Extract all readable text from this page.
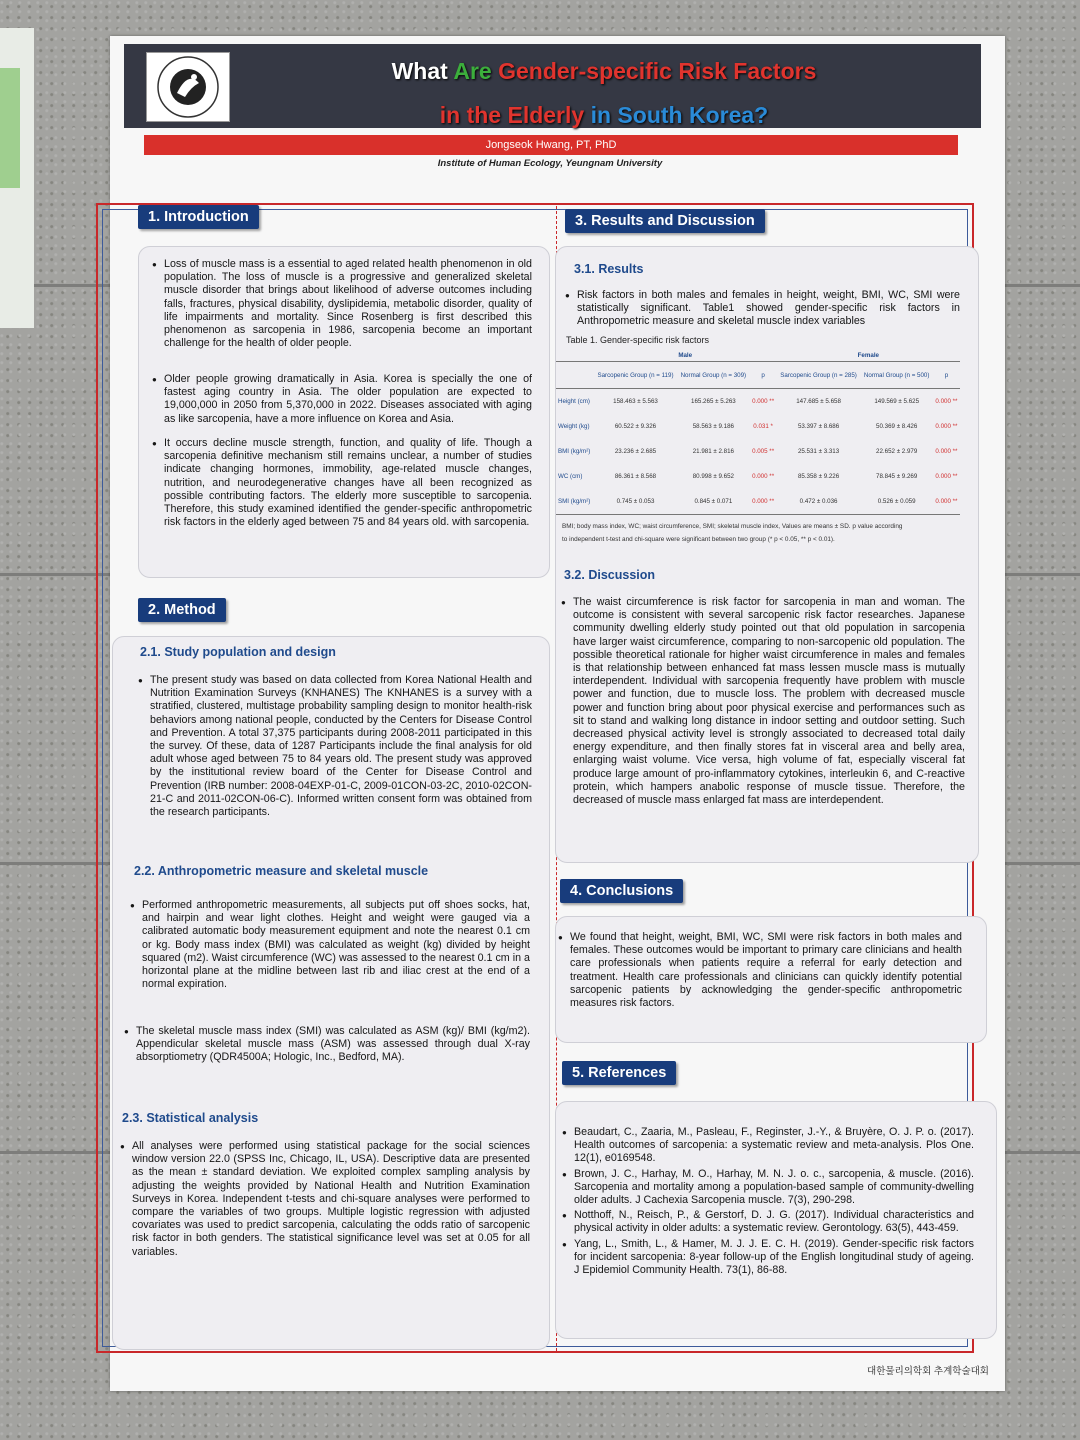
What Are Gender-specific Risk Factors
in the Elderly in South Korea?
Jongseok Hwang, PT, PhD
Institute of Human Ecology, Yeungnam University
1. Introduction
● Loss of muscle mass is a essential to aged related health phenomenon in old population. The loss of muscle is a progressive and generalized skeletal muscle disorder that brings about likelihood of adverse outcomes including falls, fractures, physical disability, dyslipidemia, metabolic disorder, quality of life impairments and mortality. Since Rosenberg is first described this phenomenon as sarcopenia in 1986, sarcopenia become an important challenge for the health of older people.
● Older people growing dramatically in Asia. Korea is specially the one of fastest aging country in Asia. The older population are expected to 19,000,000 in 2050 from 5,370,000 in 2022. Diseases associated with aging as like sarcopenia, have a more influence on Korea and Asia.
● It occurs decline muscle strength, function, and quality of life. Though a sarcopenia definitive mechanism still remains unclear, a number of studies indicate changing hormones, immobility, age-related muscle changes, nutrition, and neurodegenerative changes have all been recognized as possible contributing factors. The elderly more susceptible to sarcopenia. Therefore, this study examined identified the gender-specific anthropometric risk factors in the elderly aged between 75 and 84 years old. with sarcopenia.
2. Method
2.1. Study population and design
● The present study was based on data collected from Korea National Health and Nutrition Examination Surveys (KNHANES) The KNHANES is a survey with a stratified, clustered, multistage probability sampling design to monitor health-risk behaviors among national people, conducted by the Centers for Disease Control and Prevention. A total 37,375 participants during 2008-2011 participated in this the survey. Of these, data of 1287 Participants include the final analysis for old adult whose aged between 75 to 84 years old. The present study was approved by the institutional review board of the Center for Disease Control and Prevention (IRB number: 2008-04EXP-01-C, 2009-01CON-03-2C, 2010-02CON- 21-C and 2011-02CON-06-C). Informed written consent form was obtained from the research participants.
2.2. Anthropometric measure and skeletal muscle
● Performed anthropometric measurements, all subjects put off shoes socks, hat, and hairpin and wear light clothes. Height and weight were gauged via a calibrated automatic body measurement equipment and note the nearest 0.1 cm or kg. Body mass index (BMI) was calculated as weight (kg) divided by height squared (m2). Waist circumference (WC) was assessed to the nearest 0.1 cm in a horizontal plane at the midline between last rib and iliac crest at the end of a normal expiration.
● The skeletal muscle mass index (SMI) was calculated as ASM (kg)/ BMI (kg/m2). Appendicular skeletal muscle mass (ASM) was assessed through dual X-ray absorptiometry (QDR4500A; Hologic, Inc., Bedford, MA).
2.3. Statistical analysis
● All analyses were performed using statistical package for the social sciences window version 22.0 (SPSS Inc, Chicago, IL, USA). Descriptive data are presented as the mean ± standard deviation. We exploited complex sampling analysis by adjusting the weights provided by National Health and Nutrition Examination Surveys in Korea. Independent t-tests and chi-square analyses were performed to compare the variables of two groups. Multiple logistic regression with adjusted covariates was used to predict sarcopenia, calculating the odds ratio of sarcopenic risk factor in both genders. The statistical significance level was set at 0.05 for all variables.
3. Results and Discussion
3.1. Results
● Risk factors in both males and females in height, weight, BMI, WC, SMI were statistically significant. Table1 showed gender-specific risk factors in Anthropometric measure and skeletal muscle index variables
Table 1. Gender-specific risk factors
	Male			Female		
	Sarcopenic Group (n = 119)	Normal Group (n = 309)	p	Sarcopenic Group (n = 285)	Normal Group (n = 500)	p
Height (cm)	158.463 ± 5.563	165.265 ± 5.263	0.000 **	147.685 ± 5.658	149.569 ± 5.625	0.000 **
Weight (kg)	60.522 ± 9.326	58.563 ± 9.186	0.031 *	53.397 ± 8.686	50.369 ± 8.426	0.000 **
BMI (kg/m²)	23.236 ± 2.685	21.981 ± 2.816	0.005 **	25.531 ± 3.313	22.652 ± 2.979	0.000 **
WC (cm)	86.361 ± 8.568	80.998 ± 9.652	0.000 **	85.358 ± 9.226	78.845 ± 9.269	0.000 **
SMI (kg/m²)	0.745 ± 0.053	0.845 ± 0.071	0.000 **	0.472 ± 0.036	0.526 ± 0.059	0.000 **
BMI; body mass index, WC; waist circumference, SMI; skeletal muscle index, Values are means ± SD. p value according
to independent t-test and chi-square were significant between two group (* p < 0.05, ** p < 0.01).
3.2. Discussion
● The waist circumference is risk factor for sarcopenia in man and woman. The outcome is consistent with several sarcopenic risk factor researches. Japanese community dwelling elderly study pointed out that old population in sarcopenia have larger waist circumference, comparing to non-sarcopenic old population. The possible theoretical rationale for higher waist circumference in males and females is that relationship between enhanced fat mass lessen muscle mass is mutually interdependent. Individual with sarcopenia frequently have problem with muscle power and function, due to muscle loss. The problem with decreased muscle power and function bring about poor physical exercise and performances such as sit to stand and walking long distance in indoor setting and outdoor setting. Such decreased physical activity level is strongly associated to decreased total daily energy expenditure, and then finally stores fat in visceral area and belly area, enlarging waist volume. Vice versa, high volume of fat, especially visceral fat produce large amount of pro-inflammatory cytokines, interleukin 6, and C-reactive protein, which hampers anabolic response of muscle tissue. Therefore, the decreased of muscle mass enlarged fat mass are interdependent.
4. Conclusions
● We found that height, weight, BMI, WC, SMI were risk factors in both males and females. These outcomes would be important to primary care clinicians and health care professionals when patients require a referral for early detection and treatment. Health care professionals and clinicians can quickly identify potential sarcopenic patients by acknowledging the gender-specific anthropometric measures risk factors.
5. References
● Beaudart, C., Zaaria, M., Pasleau, F., Reginster, J.-Y., & Bruyère, O. J. P. o. (2017). Health outcomes of sarcopenia: a systematic review and meta-analysis. Plos One. 12(1), e0169548.
● Brown, J. C., Harhay, M. O., Harhay, M. N. J. o. c., sarcopenia, & muscle. (2016). Sarcopenia and mortality among a population-based sample of community-dwelling older adults. J Cachexia Sarcopenia muscle. 7(3), 290-298.
● Notthoff, N., Reisch, P., & Gerstorf, D. J. G. (2017). Individual characteristics and physical activity in older adults: a systematic review. Gerontology. 63(5), 443-459.
● Yang, L., Smith, L., & Hamer, M. J. J. E. C. H. (2019). Gender-specific risk factors for incident sarcopenia: 8-year follow-up of the English longitudinal study of ageing. J Epidemiol Community Health. 73(1), 86-88.
대한물리의학회 추계학술대회
